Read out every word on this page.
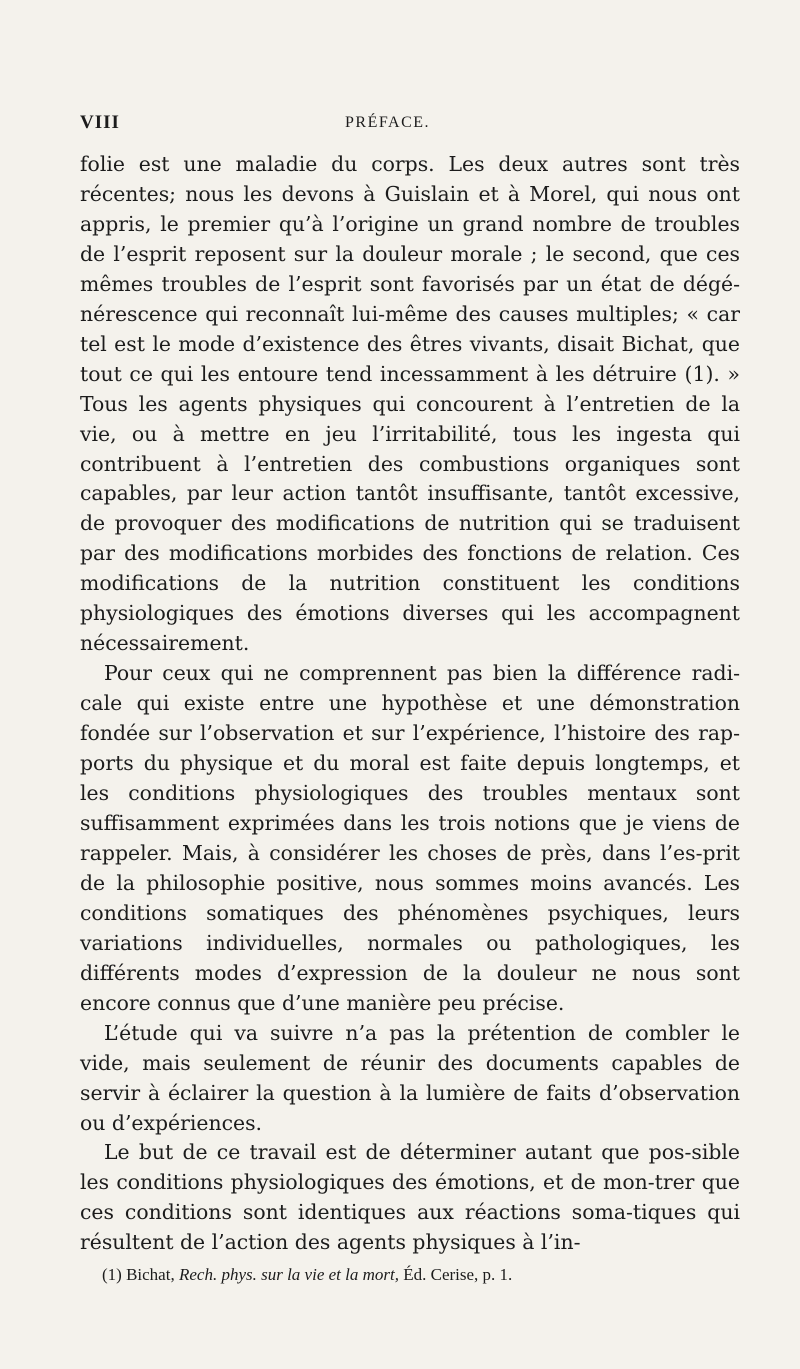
VIII	PRÉFACE.

folie est une maladie du corps. Les deux autres sont très récentes; nous les devons à Guislain et à Morel, qui nous ont appris, le premier qu’à l’origine un grand nombre de troubles de l’esprit reposent sur la douleur morale ; le second, que ces mêmes troubles de l’esprit sont favorisés par un état de dégé-nérescence qui reconnaît lui-même des causes multiples; « car tel est le mode d’existence des êtres vivants, disait Bichat, que tout ce qui les entoure tend incessamment à les détruire (1). » Tous les agents physiques qui concourent à l’entretien de la vie, ou à mettre en jeu l’irritabilité, tous les ingesta qui contribuent à l’entretien des combustions organiques sont capables, par leur action tantôt insuffisante, tantôt excessive, de provoquer des modifications de nutrition qui se traduisent par des modifications morbides des fonctions de relation. Ces modifications de la nutrition constituent les conditions physiologiques des émotions diverses qui les accompagnent nécessairement.

Pour ceux qui ne comprennent pas bien la différence radi-cale qui existe entre une hypothèse et une démonstration fondée sur l’observation et sur l’expérience, l’histoire des rap-ports du physique et du moral est faite depuis longtemps, et les conditions physiologiques des troubles mentaux sont suffisamment exprimées dans les trois notions que je viens de rappeler. Mais, à considérer les choses de près, dans l’es-prit de la philosophie positive, nous sommes moins avancés. Les conditions somatiques des phénomènes psychiques, leurs variations individuelles, normales ou pathologiques, les différents modes d’expression de la douleur ne nous sont encore connus que d’une manière peu précise.

L’étude qui va suivre n’a pas la prétention de combler le vide, mais seulement de réunir des documents capables de servir à éclairer la question à la lumière de faits d’observation ou d’expériences.

Le but de ce travail est de déterminer autant que pos-sible les conditions physiologiques des émotions, et de mon-trer que ces conditions sont identiques aux réactions soma-tiques qui résultent de l’action des agents physiques à l’in-

(1) Bichat, Rech. phys. sur la vie et la mort, Éd. Cerise, p. 1.
